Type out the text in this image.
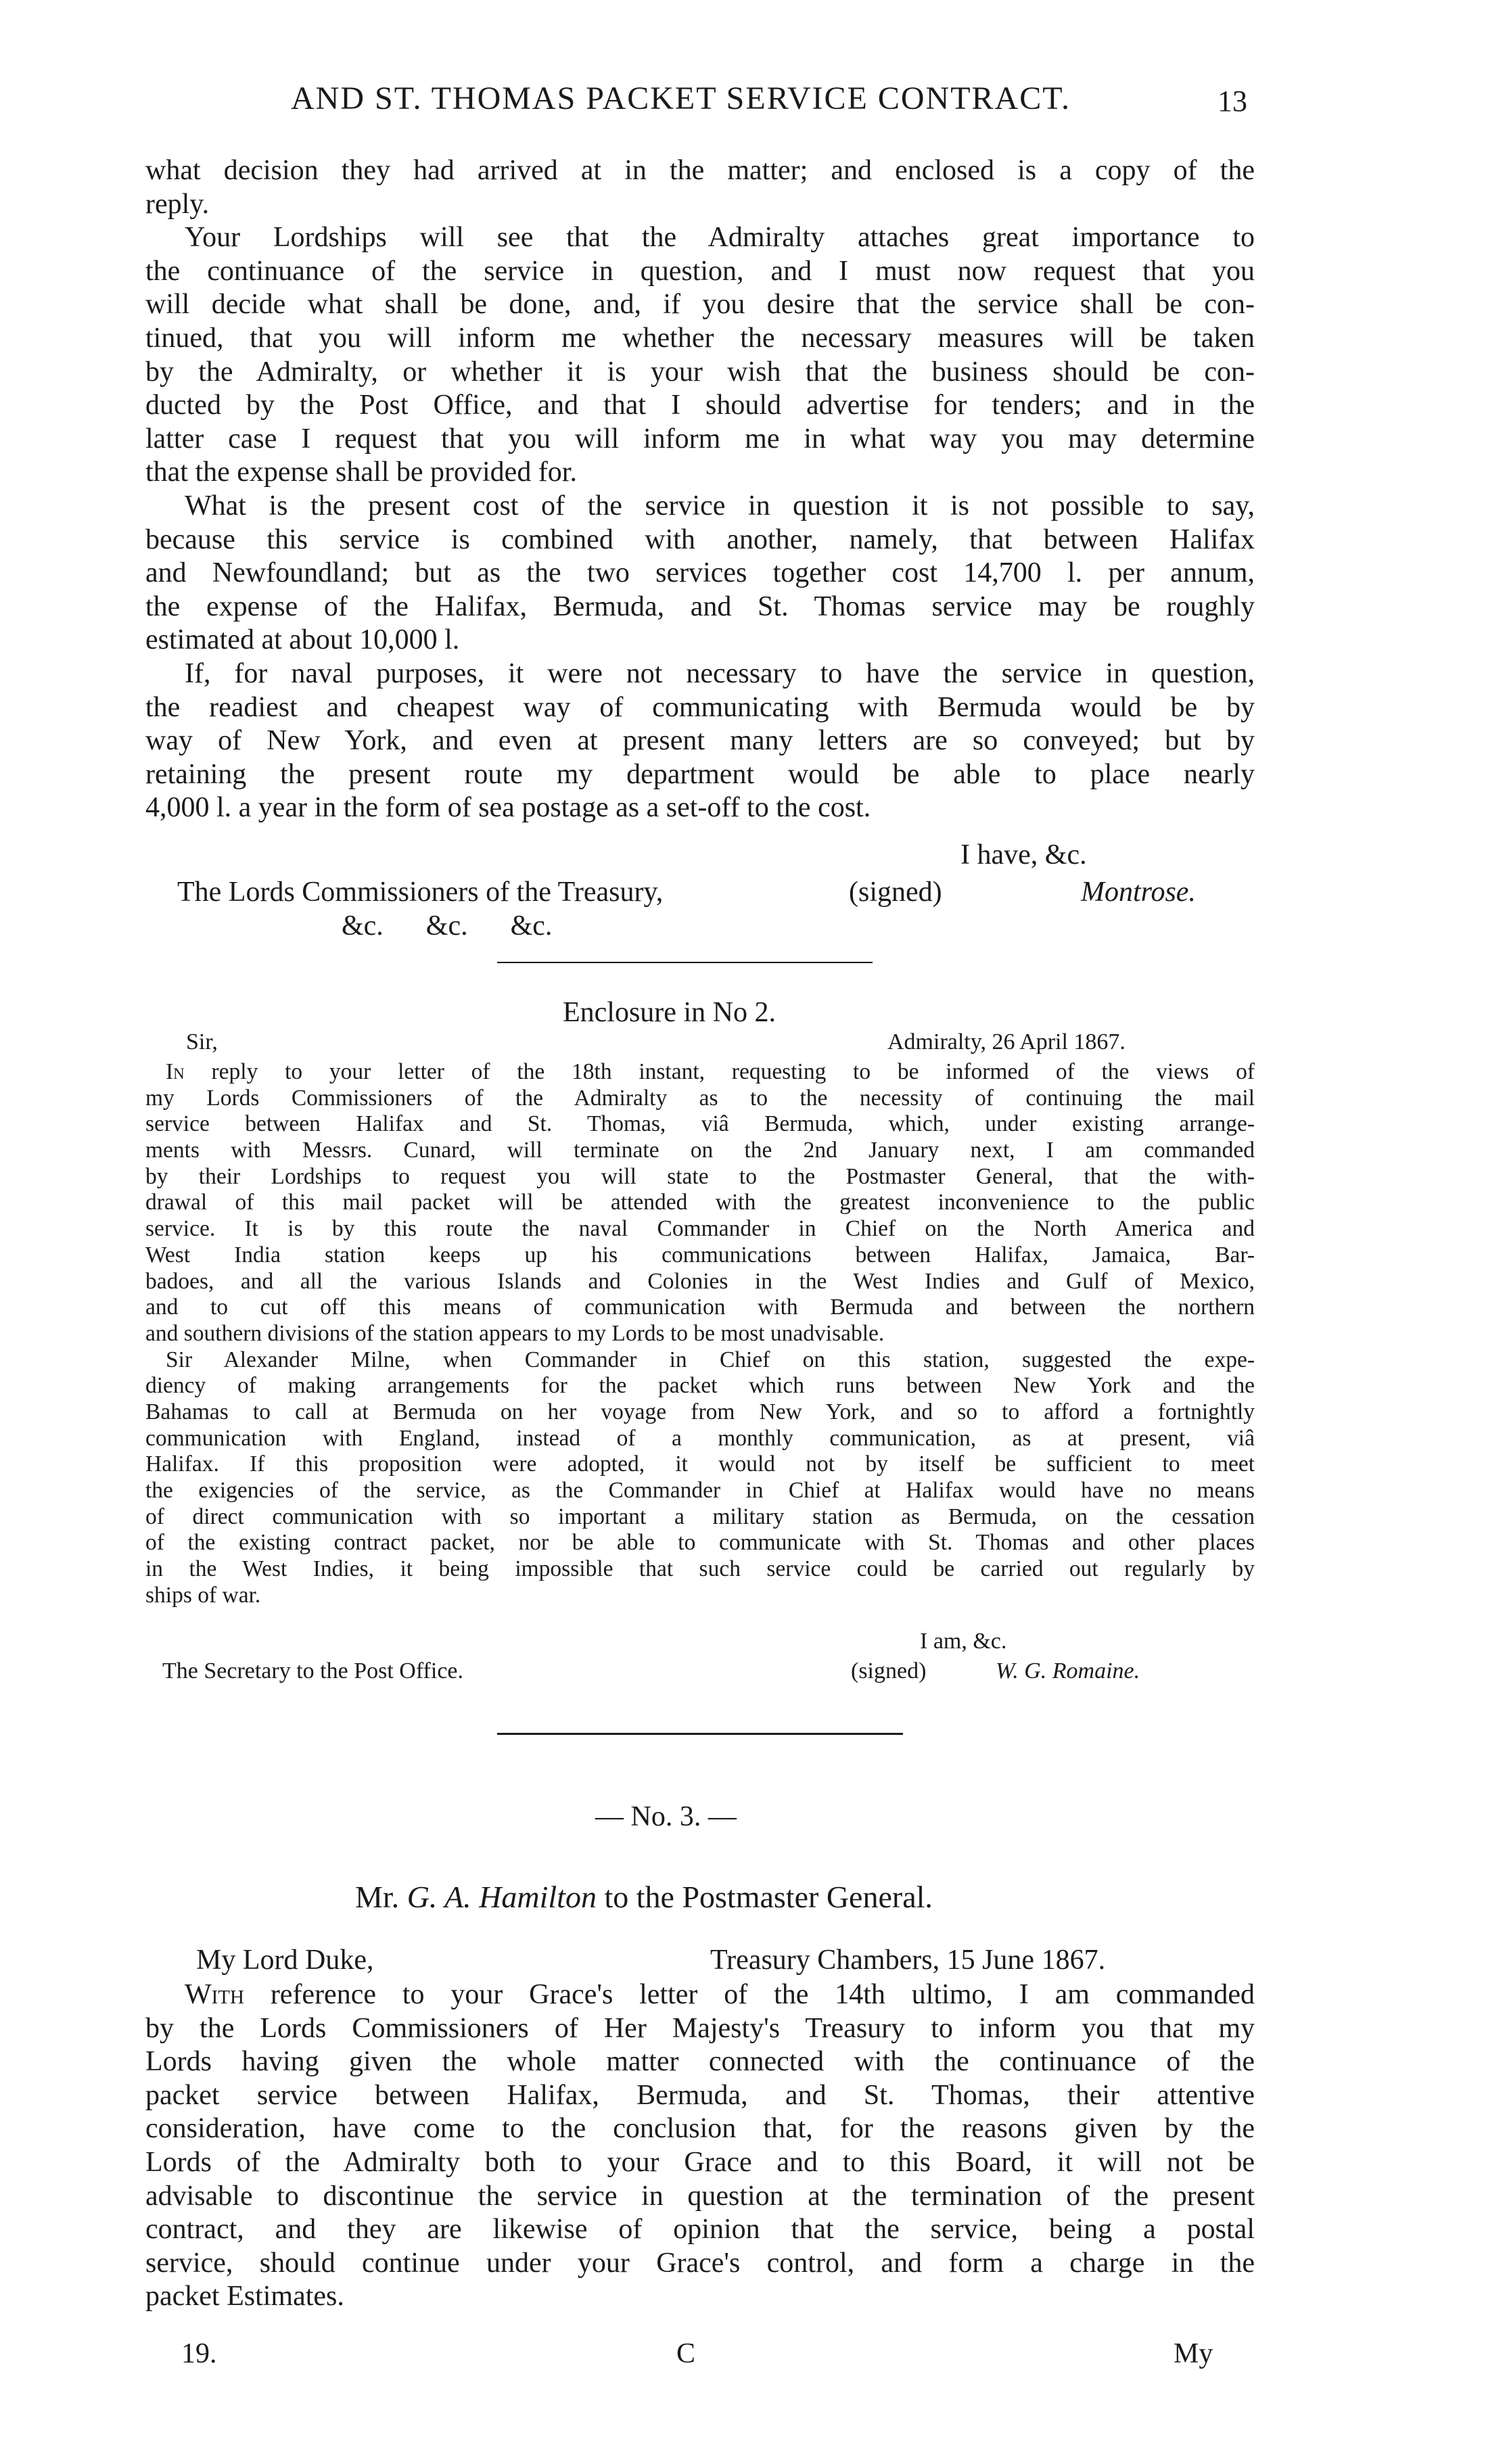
AND ST. THOMAS PACKET SERVICE CONTRACT.	13
what decision they had arrived at in the matter; and enclosed is a copy of the
reply.
Your Lordships will see that the Admiralty attaches great importance to
the continuance of the service in question, and I must now request that you
will decide what shall be done, and, if you desire that the service shall be con-
tinued, that you will inform me whether the necessary measures will be taken
by the Admiralty, or whether it is your wish that the business should be con-
ducted by the Post Office, and that I should advertise for tenders; and in the
latter case I request that you will inform me in what way you may determine
that the expense shall be provided for.
What is the present cost of the service in question it is not possible to say,
because this service is combined with another, namely, that between Halifax
and Newfoundland; but as the two services together cost 14,700 l. per annum,
the expense of the Halifax, Bermuda, and St. Thomas service may be roughly
estimated at about 10,000 l.
If, for naval purposes, it were not necessary to have the service in question,
the readiest and cheapest way of communicating with Bermuda would be by
way of New York, and even at present many letters are so conveyed; but by
retaining the present route my department would be able to place nearly
4,000 l. a year in the form of sea postage as a set-off to the cost.
I have, &c.
The Lords Commissioners of the Treasury,	(signed)	Montrose.
&c.      &c.      &c.
Enclosure in No 2.
Sir,	Admiralty, 26 April 1867.
In reply to your letter of the 18th instant, requesting to be informed of the views of
my Lords Commissioners of the Admiralty as to the necessity of continuing the mail
service between Halifax and St. Thomas, viâ Bermuda, which, under existing arrange-
ments with Messrs. Cunard, will terminate on the 2nd January next, I am commanded
by their Lordships to request you will state to the Postmaster General, that the with-
drawal of this mail packet will be attended with the greatest inconvenience to the public
service. It is by this route the naval Commander in Chief on the North America and
West India station keeps up his communications between Halifax, Jamaica, Bar-
badoes, and all the various Islands and Colonies in the West Indies and Gulf of Mexico,
and to cut off this means of communication with Bermuda and between the northern
and southern divisions of the station appears to my Lords to be most unadvisable.
Sir Alexander Milne, when Commander in Chief on this station, suggested the expe-
diency of making arrangements for the packet which runs between New York and the
Bahamas to call at Bermuda on her voyage from New York, and so to afford a fortnightly
communication with England, instead of a monthly communication, as at present, viâ
Halifax. If this proposition were adopted, it would not by itself be sufficient to meet
the exigencies of the service, as the Commander in Chief at Halifax would have no means
of direct communication with so important a military station as Bermuda, on the cessation
of the existing contract packet, nor be able to communicate with St. Thomas and other places
in the West Indies, it being impossible that such service could be carried out regularly by
ships of war.
I am, &c.
The Secretary to the Post Office.	(signed)	W. G. Romaine.
— No. 3. —
Mr. G. A. Hamilton to the Postmaster General.
My Lord Duke,	Treasury Chambers, 15 June 1867.
With reference to your Grace's letter of the 14th ultimo, I am commanded
by the Lords Commissioners of Her Majesty's Treasury to inform you that my
Lords having given the whole matter connected with the continuance of the
packet service between Halifax, Bermuda, and St. Thomas, their attentive
consideration, have come to the conclusion that, for the reasons given by the
Lords of the Admiralty both to your Grace and to this Board, it will not be
advisable to discontinue the service in question at the termination of the present
contract, and they are likewise of opinion that the service, being a postal
service, should continue under your Grace's control, and form a charge in the
packet Estimates.
19.	C	My
